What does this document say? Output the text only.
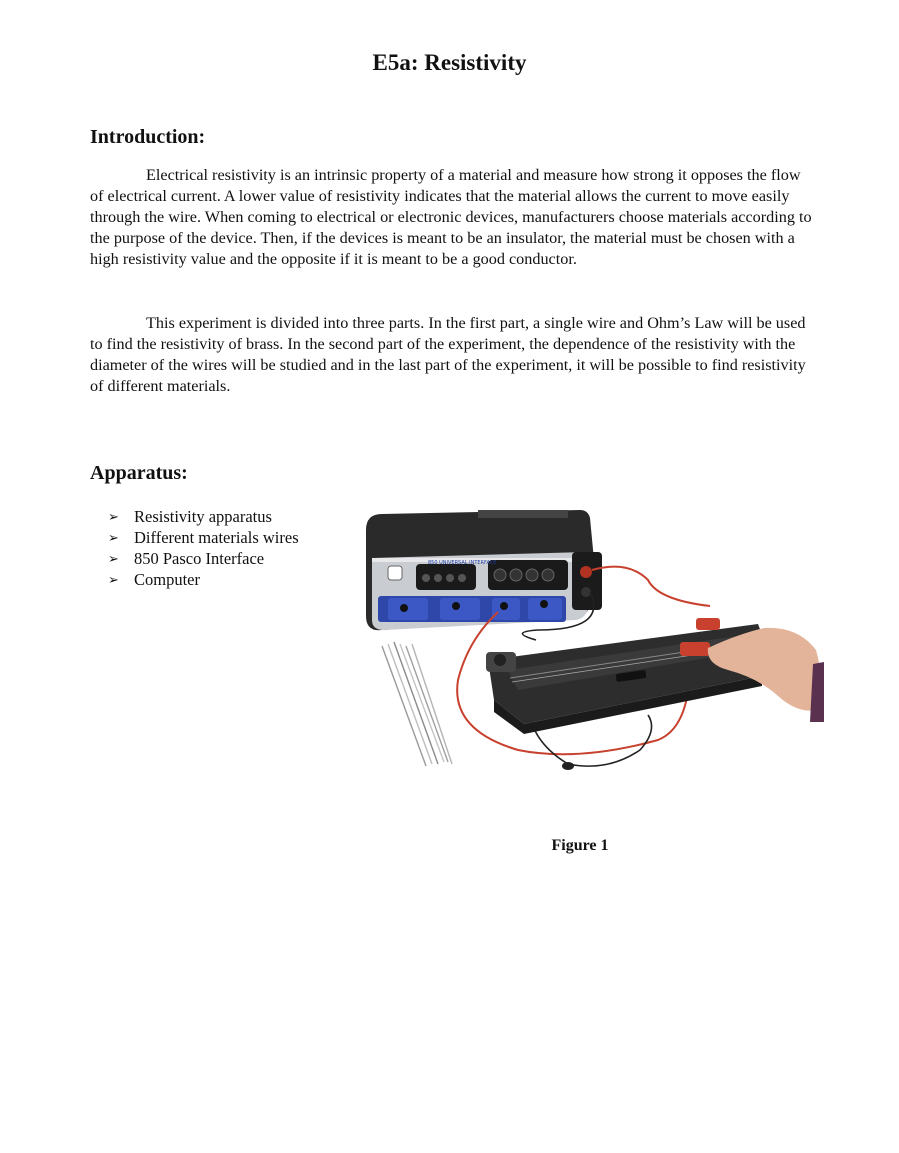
E5a: Resistivity
Introduction:

Electrical resistivity is an intrinsic property of a material and measure how strong it opposes the flow of electrical current. A lower value of resistivity indicates that the material allows the current to move easily through the wire. When coming to electrical or electronic devices, manufacturers choose materials according to the purpose of the device. Then, if the devices is meant to be an insulator, the material must be chosen with a high resistivity value and the opposite if it is meant to be a good conductor.

This experiment is divided into three parts. In the first part, a single wire and Ohm’s Law will be used to find the resistivity of brass. In the second part of the experiment, the dependence of the resistivity with the diameter of the wires will be studied and in the last part of the experiment, it will be possible to find resistivity of different materials.

Apparatus:
➢ Resistivity apparatus
➢ Different materials wires
➢ 850 Pasco Interface
➢ Computer
850 UNIVERSAL INTERFACE
Figure 1
